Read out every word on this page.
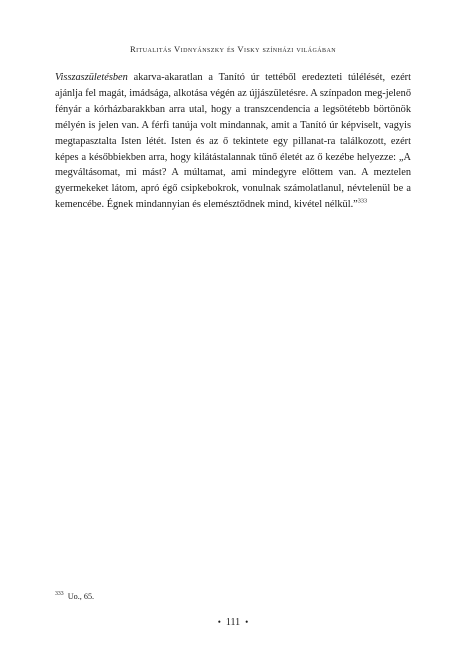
Ritualitás Vidnyánszky és Visky színházi világában

Visszaszületésben akarva-akaratlan a Tanító úr tettéből eredezteti túlélését, ezért ajánlja fel magát, imádsága, alkotása végén az újjászületésre. A színpadon meg-jelenő fényár a kórházbarakkban arra utal, hogy a transzcendencia a legsötétebb börtönök mélyén is jelen van. A férfi tanúja volt mindannak, amit a Tanító úr képviselt, vagyis megtapasztalta Isten létét. Isten és az ő tekintete egy pillanat-ra találkozott, ezért képes a későbbiekben arra, hogy kilátástalannak tűnő életét az ő kezébe helyezze: „A megváltásomat, mi mást? A múltamat, ami mindegyre előttem van. A meztelen gyermekeket látom, apró égő csipkebokrok, vonulnak számolatlanul, névtelenül be a kemencébe. Égnek mindannyian és elemésztődnek mind, kivétel nélkül.”$^{333}$

$^{333}$ Uo., 65.
• 111 •
